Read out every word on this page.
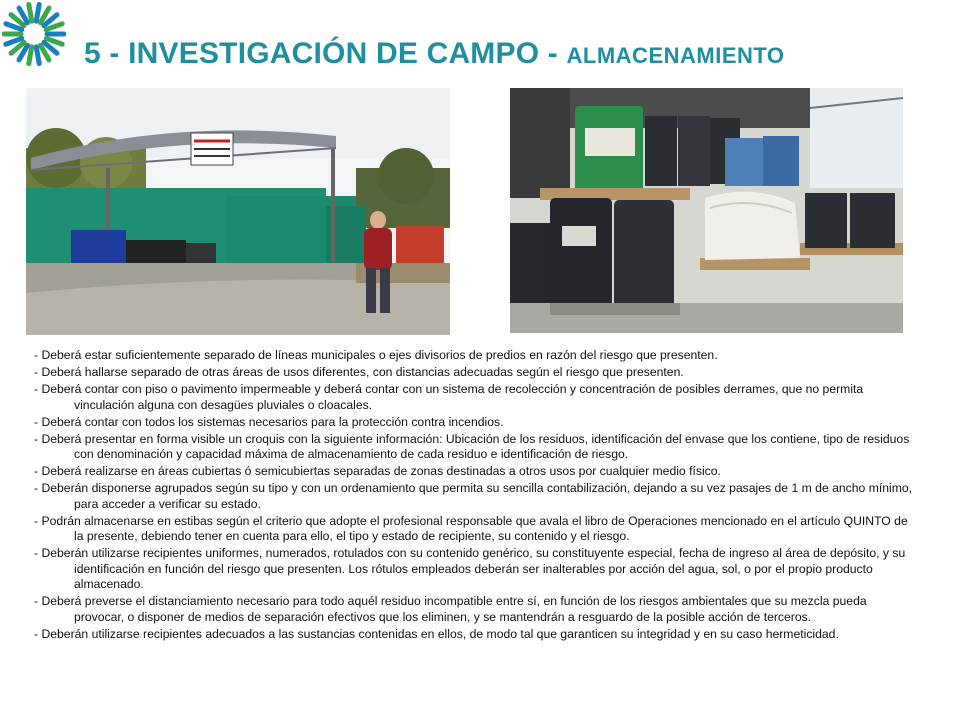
5 - INVESTIGACIÓN DE CAMPO - ALMACENAMIENTO

- Deberá estar suficientemente separado de líneas municipales o ejes divisorios de predios en razón del riesgo que presenten.

- Deberá hallarse separado de otras áreas de usos diferentes, con distancias adecuadas según el riesgo que presenten.

- Deberá contar con piso o pavimento impermeable y deberá contar con un sistema de recolección y concentración de posibles derrames, que no permita vinculación alguna con desagües pluviales o cloacales.

- Deberá contar con todos los sistemas necesarios para la protección contra incendios.

- Deberá presentar en forma visible un croquis con la siguiente información: Ubicación de los residuos, identificación del envase que los contiene, tipo de residuos con denominación y capacidad máxima de almacenamiento de cada residuo e identificación de riesgo.

- Deberá realizarse en áreas cubiertas ó semicubiertas separadas de zonas destinadas a otros usos por cualquier medio físico.

- Deberán disponerse agrupados según su tipo y con un ordenamiento que permita su sencilla contabilización, dejando a su vez pasajes de 1 m de ancho mínimo, para acceder a verificar su estado.

- Podrán almacenarse en estibas según el criterio que adopte el profesional responsable que avala el libro de Operaciones mencionado en el artículo QUINTO de la presente, debiendo tener en cuenta para ello, el tipo y estado de recipiente, su contenido y el riesgo.

- Deberán utilizarse recipientes uniformes, numerados, rotulados con su contenido genérico, su constituyente especial, fecha de ingreso al área de depósito, y su identificación en función del riesgo que presenten. Los rótulos empleados deberán ser inalterables por acción del agua, sol, o por el propio producto almacenado.

- Deberá preverse el distanciamiento necesario para todo aquél residuo incompatible entre sí, en función de los riesgos ambientales que su mezcla pueda provocar, o disponer de medios de separación efectivos que los eliminen, y se mantendrán a resguardo de la posible acción de terceros.

- Deberán utilizarse recipientes adecuados a las sustancias contenidas en ellos, de modo tal que garanticen su integridad y en su caso hermeticidad.
